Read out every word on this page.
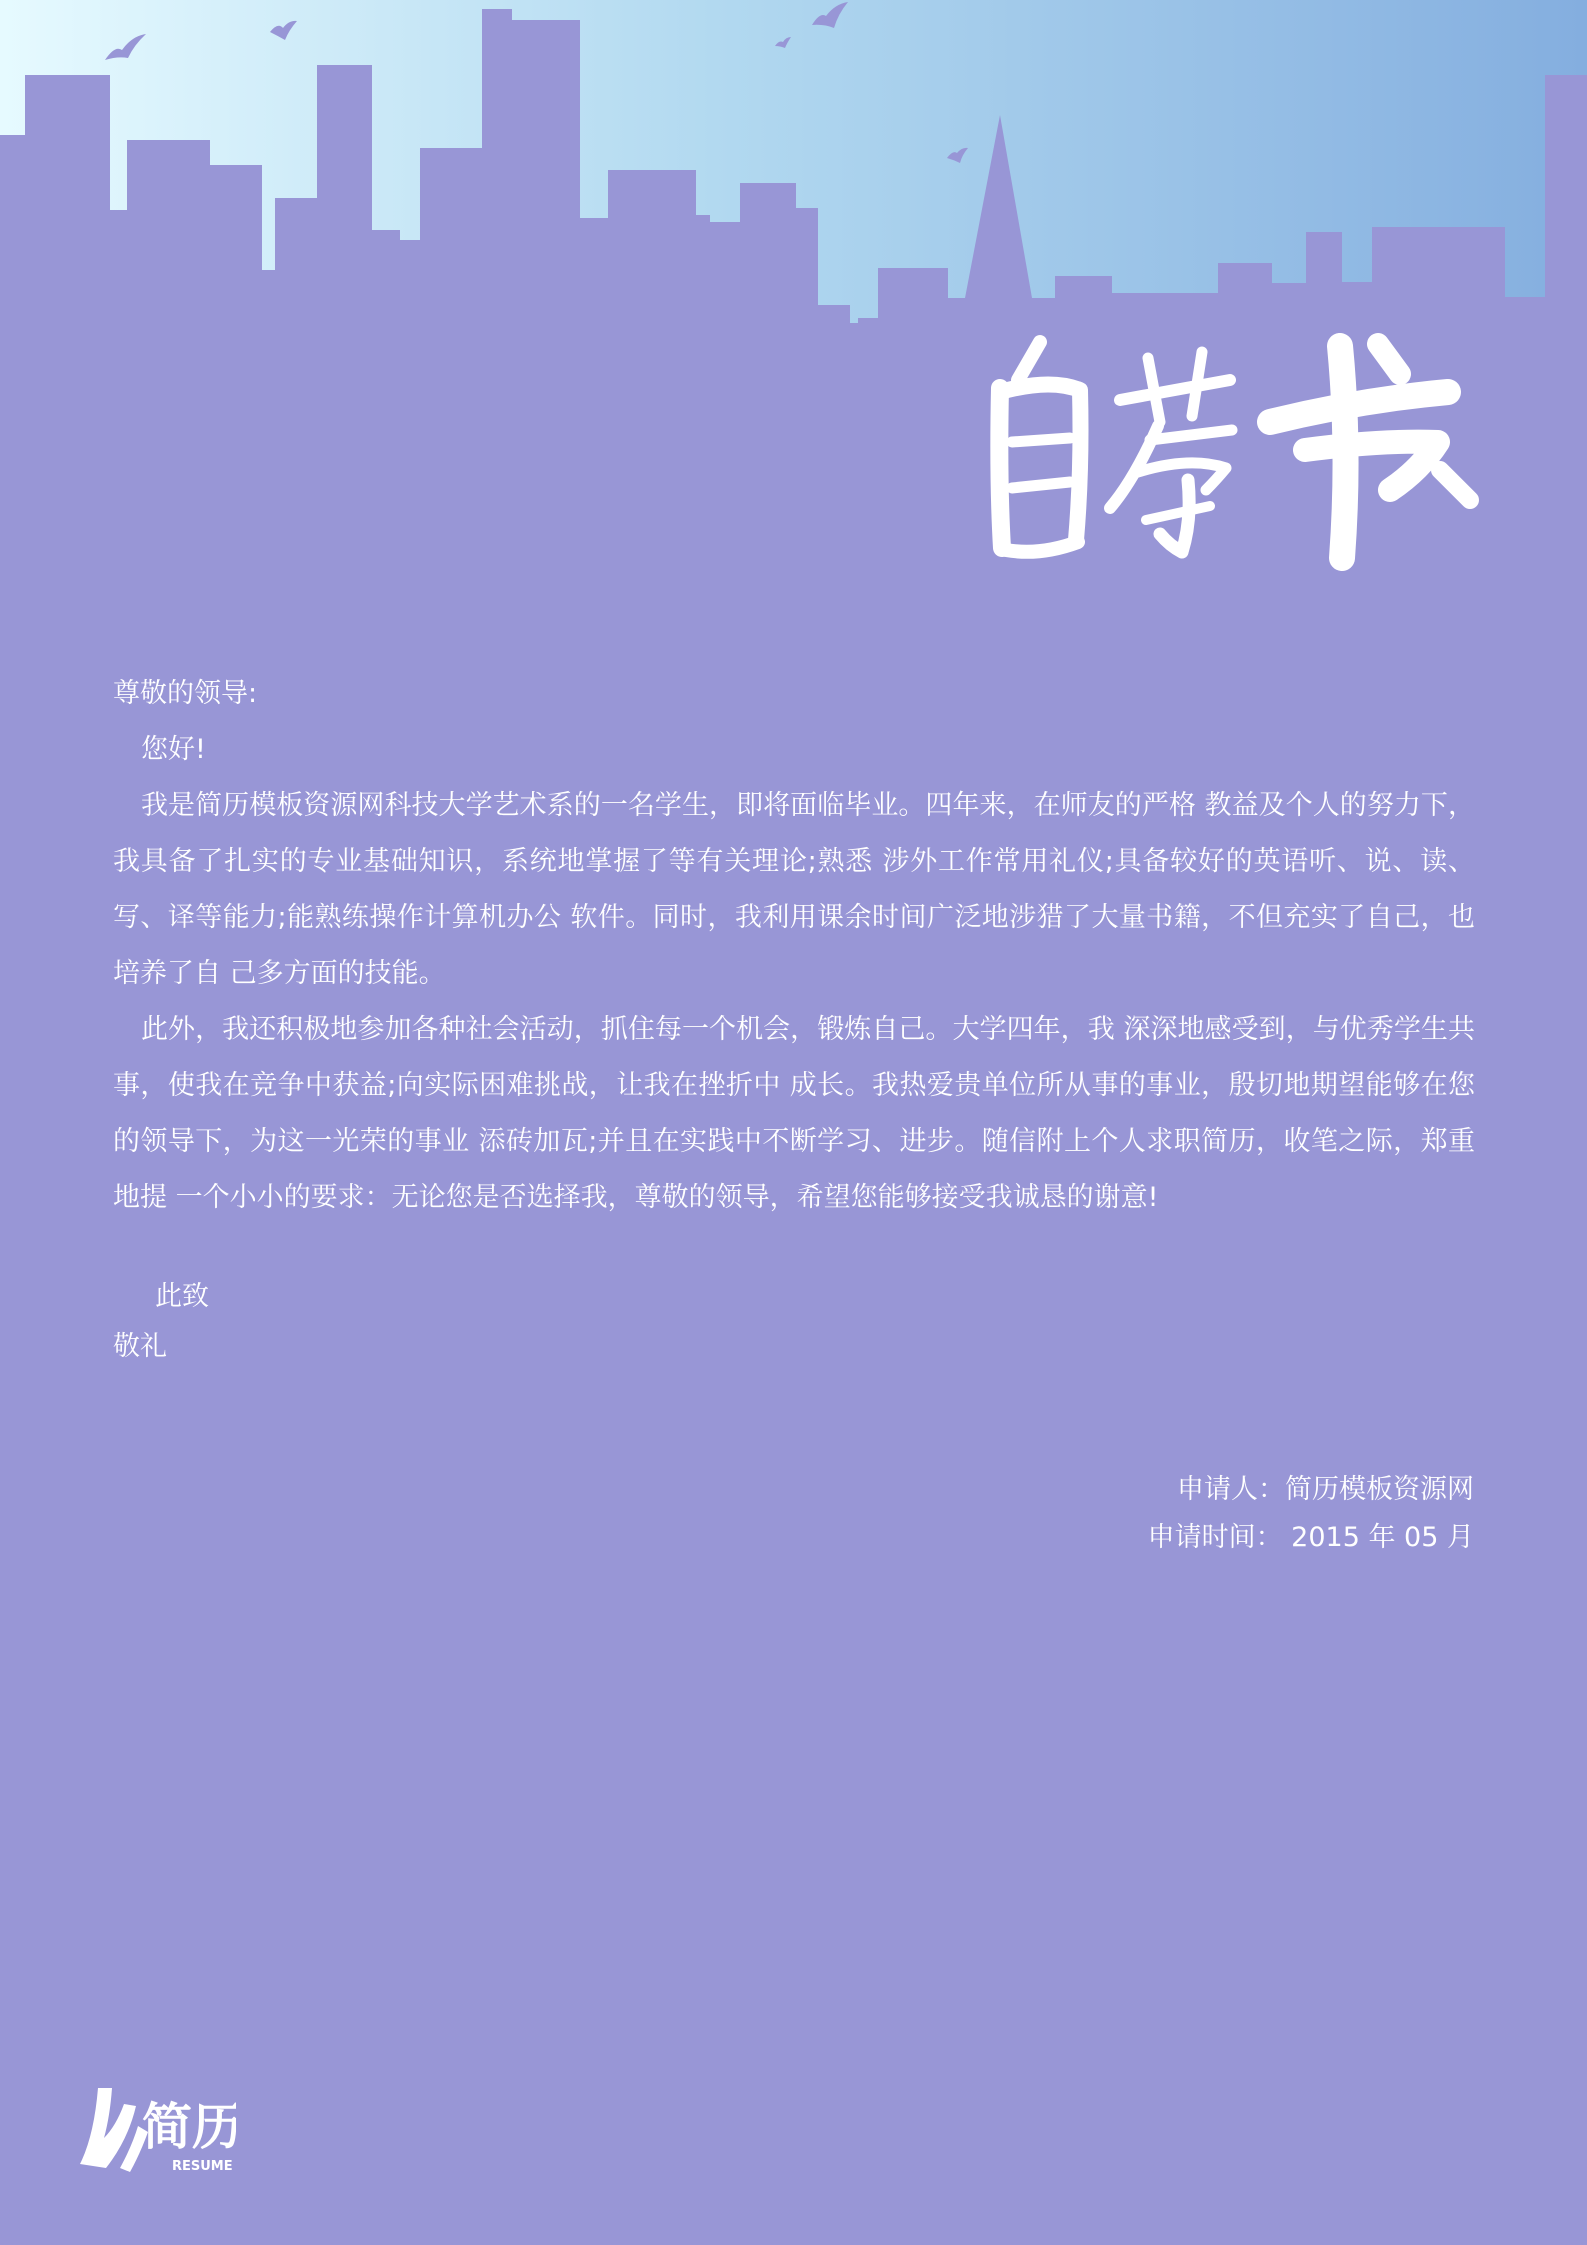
尊敬的领导:

您好!

我是简历模板资源网科技大学艺术系的一名学生，即将面临毕业。四年来，在师友的严格 教益及个人的努力下，我具备了扎实的专业基础知识，系统地掌握了等有关理论;熟悉 涉外工作常用礼仪;具备较好的英语听、说、读、写、译等能力;能熟练操作计算机办公 软件。同时，我利用课余时间广泛地涉猎了大量书籍，不但充实了自己，也培养了自 己多方面的技能。

此外，我还积极地参加各种社会活动，抓住每一个机会，锻炼自己。大学四年，我 深深地感受到，与优秀学生共事，使我在竞争中获益;向实际困难挑战，让我在挫折中 成长。我热爱贵单位所从事的事业，殷切地期望能够在您的领导下，为这一光荣的事业 添砖加瓦;并且在实践中不断学习、进步。随信附上个人求职简历，收笔之际，郑重地提 一个小小的要求：无论您是否选择我，尊敬的领导，希望您能够接受我诚恳的谢意!

此致
敬礼
申请人：简历模板资源网
申请时间： 2015 年 05 月
简历
RESUME
